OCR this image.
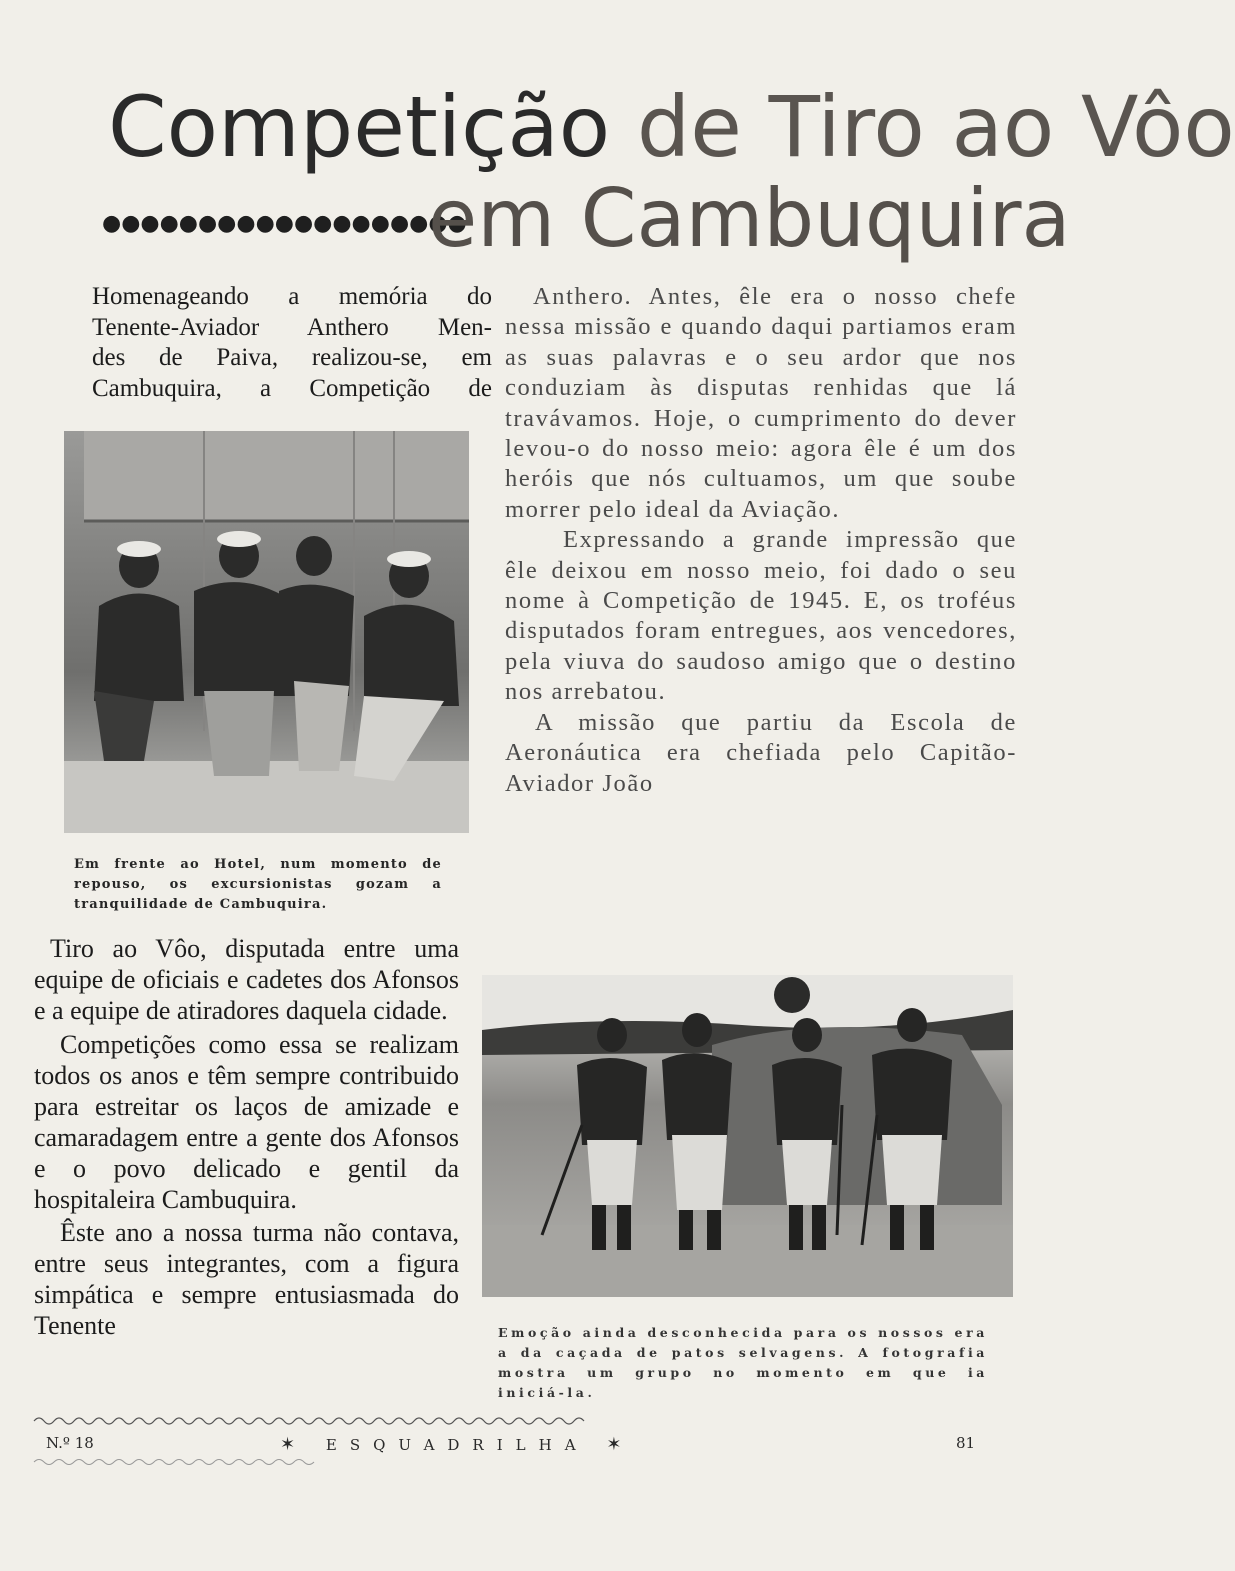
Competição de Tiro ao Vôo
●●●●●●●●●●●●●●●●●●●
em Cambuquira
Homenageando a memória do
Tenente-Aviador Anthero Men-
des de Paiva, realizou-se, em
Cambuquira, a Competição de
Em frente ao Hotel, num momento de repouso, os excursionistas gozam a tranquilidade de Cambuquira.

Tiro ao Vôo, disputada entre uma equipe de oficiais e cadetes dos Afonsos e a equipe de atiradores daquela cidade.

Competições como essa se realizam todos os anos e têm sempre contribuido para estreitar os laços de amizade e camaradagem entre a gente dos Afonsos e o povo delicado e gentil da hospitaleira Cambuquira.

Êste ano a nossa turma não contava, entre seus integrantes, com a figura simpática e sempre entusiasmada do Tenente

Anthero. Antes, êle era o nosso chefe nessa missão e quando daqui partiamos eram as suas palavras e o seu ardor que nos conduziam às disputas renhidas que lá travávamos. Hoje, o cumprimento do dever levou-o do nosso meio: agora êle é um dos heróis que nós cultuamos, um que soube morrer pelo ideal da Aviação.

Expressando a grande impressão que êle deixou em nosso meio, foi dado o seu nome à Competição de 1945. E, os troféus disputados foram entregues, aos vencedores, pela viuva do saudoso amigo que o destino nos arrebatou.

A missão que partiu da Escola de Aeronáutica era chefiada pelo Capitão-Aviador João

Emoção ainda desconhecida para os nossos era a da caçada de patos selvagens. A fotografia mostra um grupo no momento em que ia iniciá-la.
N.º 18	✶ ESQUADRILHA ✶	81
